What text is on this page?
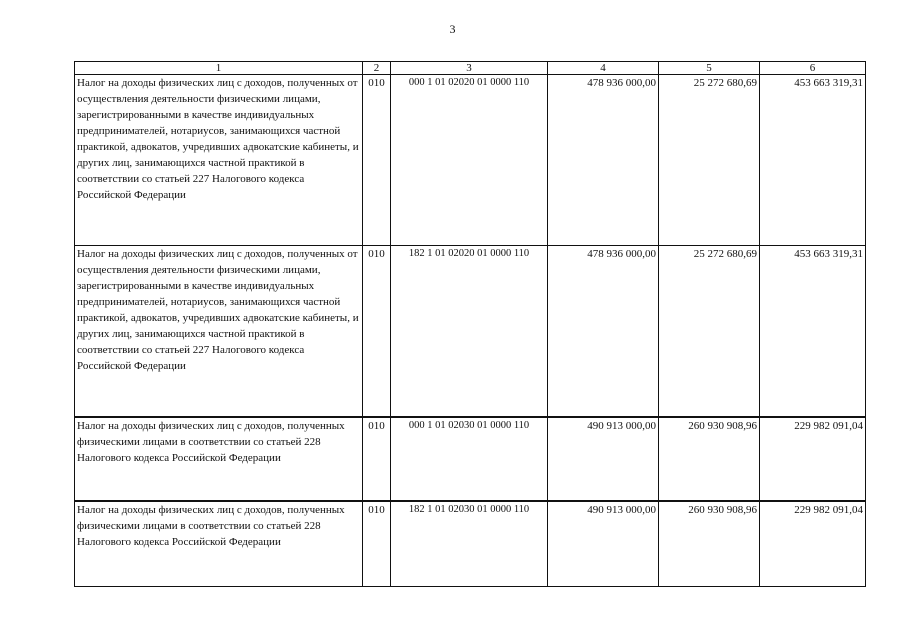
3
1	2	3	4	5	6
Налог на доходы физических лиц с доходов, полученных от осуществления деятельности физическими лицами, зарегистрированными в качестве индивидуальных предпринимателей, нотариусов, занимающихся частной практикой, адвокатов, учредивших адвокатские кабинеты, и других лиц, занимающихся частной практикой в соответствии со статьей 227 Налогового кодекса Российской Федерации	010	000 1 01 02020 01 0000 110	478 936 000,00	25 272 680,69	453 663 319,31
Налог на доходы физических лиц с доходов, полученных от осуществления деятельности физическими лицами, зарегистрированными в качестве индивидуальных предпринимателей, нотариусов, занимающихся частной практикой, адвокатов, учредивших адвокатские кабинеты, и других лиц, занимающихся частной практикой в соответствии со статьей 227 Налогового кодекса Российской Федерации	010	182 1 01 02020 01 0000 110	478 936 000,00	25 272 680,69	453 663 319,31
Налог на доходы физических лиц с доходов, полученных физическими лицами в соответствии со статьей 228 Налогового кодекса Российской Федерации	010	000 1 01 02030 01 0000 110	490 913 000,00	260 930 908,96	229 982 091,04
Налог на доходы физических лиц с доходов, полученных физическими лицами в соответствии со статьей 228 Налогового кодекса Российской Федерации	010	182 1 01 02030 01 0000 110	490 913 000,00	260 930 908,96	229 982 091,04
